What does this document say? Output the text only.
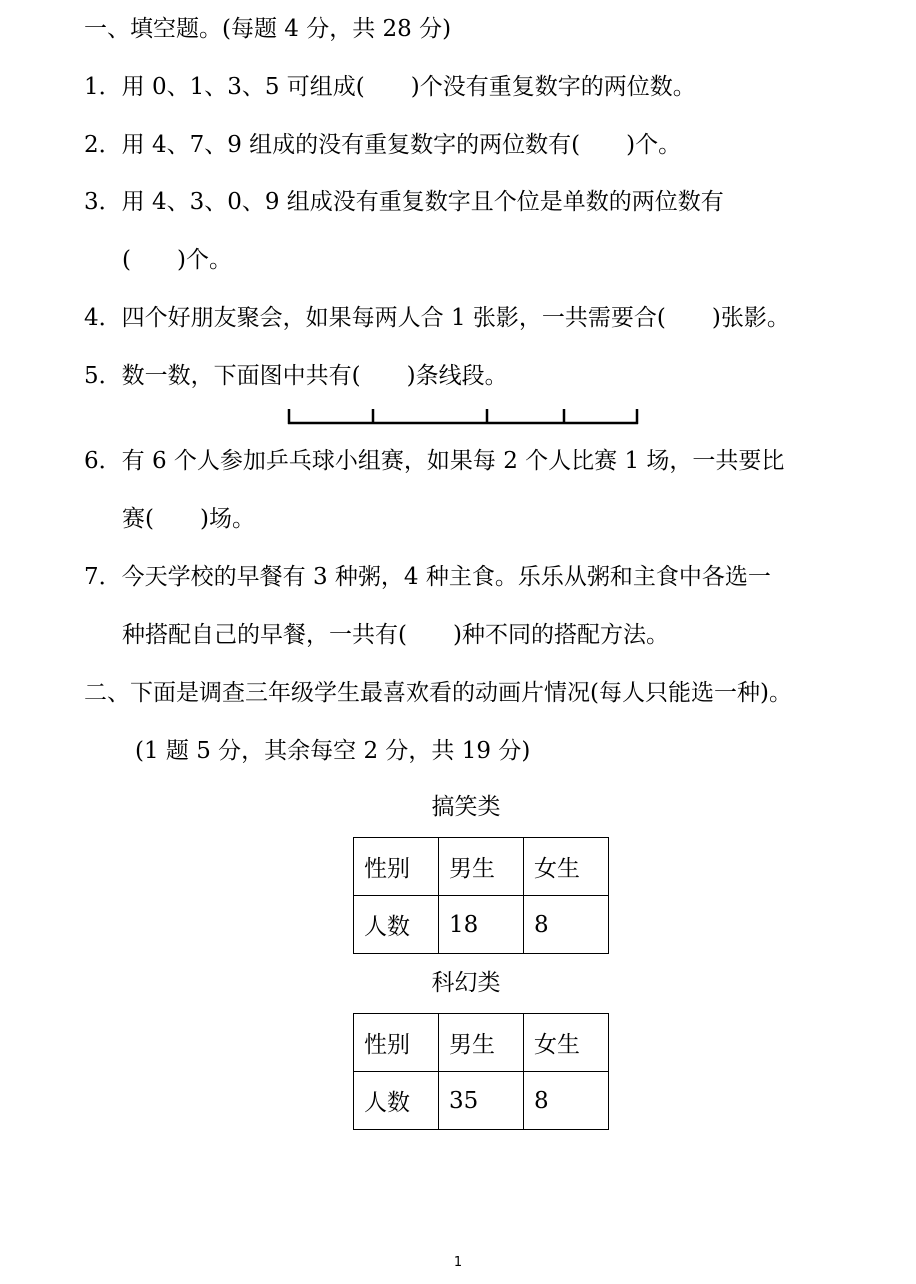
一、填空题。(每题 4 分，共 28 分)
1．用 0、1、3、5 可组成(　　)个没有重复数字的两位数。
2．用 4、7、9 组成的没有重复数字的两位数有(　　)个。
3．用 4、3、0、9 组成没有重复数字且个位是单数的两位数有
(　　)个。
4．四个好朋友聚会，如果每两人合 1 张影，一共需要合(　　)张影。
5．数一数，下面图中共有(　　)条线段。
6．有 6 个人参加乒乓球小组赛，如果每 2 个人比赛 1 场，一共要比
赛(　　)场。
7．今天学校的早餐有 3 种粥，4 种主食。乐乐从粥和主食中各选一
种搭配自己的早餐，一共有(　　)种不同的搭配方法。
二、下面是调查三年级学生最喜欢看的动画片情况(每人只能选一种)。
(1 题 5 分，其余每空 2 分，共 19 分)
搞笑类
性别	男生	女生
人数	18	8
科幻类
性别	男生	女生
人数	35	8
1
